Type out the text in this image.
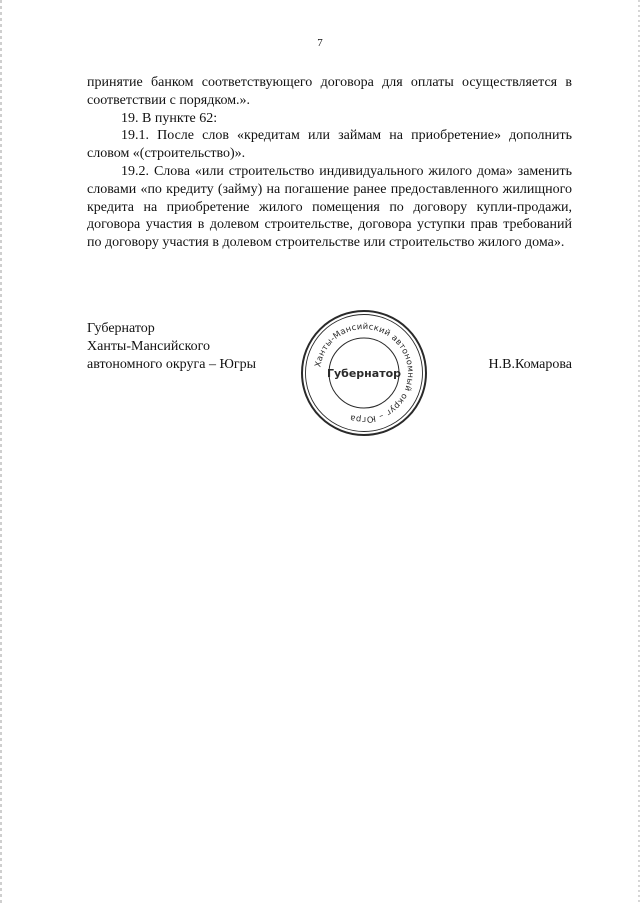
7

принятие банком соответствующего договора для оплаты осуществляется в соответствии с порядком.».

19. В пункте 62:

19.1. После слов «кредитам или займам на приобретение» дополнить словом «(строительство)».

19.2. Слова «или строительство индивидуального жилого дома» заменить словами «по кредиту (займу) на погашение ранее предоставленного жилищного кредита на приобретение жилого помещения по договору купли-продажи, договора участия в долевом строительстве, договора уступки прав требований по договору участия в долевом строительстве или строительство жилого дома».

Губернатор
Ханты-Мансийского
автономного округа – Югры	Н.В.Комарова
Ханты-Мансийский автономный округ – Югра
Губернатор
